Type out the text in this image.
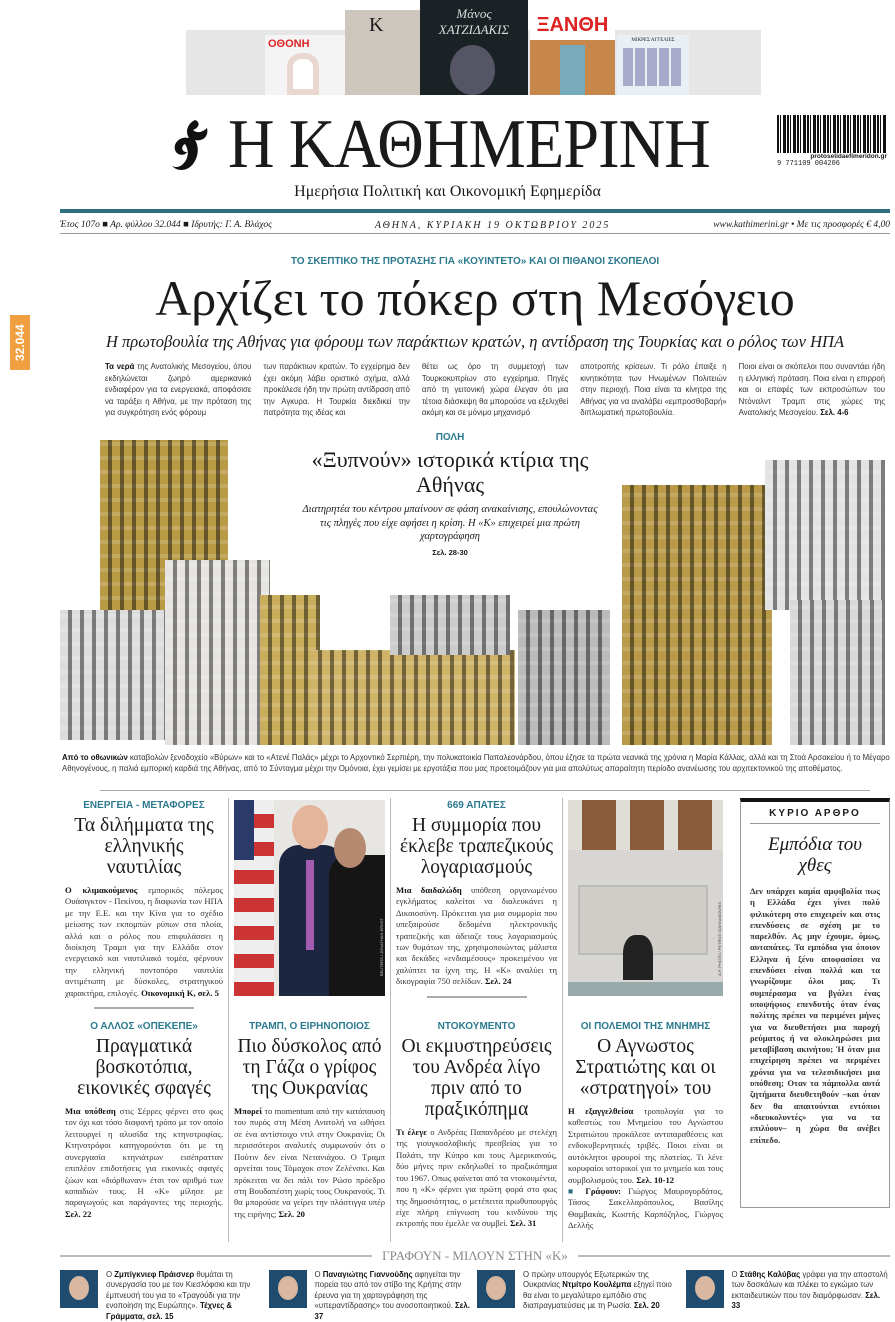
ΟΘΟΝΗ
Κ
Μάνος ΧΑΤΖΙΔΑΚΙΣ	ΞΑΝΘΗ
ΜΙΚΡΕΣ ΑΓΓΕΛΙΕΣ
Η ΚΑΘΗΜΕΡΙΝΗ	protoselidaefimeridon.gr
9 771109 004206
Ημερήσια Πολιτική και Οικονομική Εφημερίδα
Έτος 107ο ■ Αρ. φύλλου 32.044 ■ Ιδρυτής: Γ. Α. Βλάχος	ΑΘΗΝΑ, ΚΥΡΙΑΚΗ 19 ΟΚΤΩΒΡΙΟΥ 2025	www.kathimerini.gr • Με τις προσφορές € 4,00
32.044
ΤΟ ΣΚΕΠΤΙΚΟ ΤΗΣ ΠΡΟΤΑΣΗΣ ΓΙΑ «ΚΟΥΙΝΤΕΤΟ» ΚΑΙ ΟΙ ΠΙΘΑΝΟΙ ΣΚΟΠΕΛΟΙ
Αρχίζει το πόκερ στη Μεσόγειο
Η πρωτοβουλία της Αθήνας για φόρουμ των παράκτιων κρατών, η αντίδραση της Τουρκίας και ο ρόλος των ΗΠΑ

Τα νερά της Ανατολικής Μεσογείου, όπου εκδηλώνεται ζωηρό αμερικανικό ενδιαφέρον για τα ενεργειακά, αποφάσισε να ταράξει η Αθήνα, με την πρόταση της για συγκρότηση ενός φόρουμ

των παράκτιων κρατών. Το εγχείρημα δεν έχει ακόμη λάβει οριστικό σχήμα, αλλά προκάλεσε ήδη την πρώτη αντίδραση από την Αγκυρα. Η Τουρκία διεκδικεί την πατρότητα της ιδέας και

θέτει ως όρο τη συμμετοχή των Τουρκοκυπρίων στο εγχείρημα. Πηγές από τη γειτονική χώρα έλεγαν ότι μια τέτοια διάσκεψη θα μπορούσε να εξελιχθεί ακόμη και σε μόνιμο μηχανισμό

αποτροπής κρίσεων. Τι ρόλο έπαιξε η κινητικότητα των Ηνωμένων Πολιτειών στην περιοχή. Ποια είναι τα κίνητρα της Αθήνας για να αναλάβει «εμπροσθοβαρή» διπλωματική πρωτοβουλία.

Ποιοι είναι οι σκόπελοι που συναντάει ήδη η ελληνική πρόταση. Ποια είναι η επιρροή και οι επαφές των εκπροσώπων του Ντόναλντ Τραμπ στις χώρες της Ανατολικής Μεσογείου. Σελ. 4-6

ΠΟΛΗ
«Ξυπνούν» ιστορικά κτίρια της Αθήνας
Διατηρητέα του κέντρου μπαίνουν σε φάση ανακαίνισης, επουλώνοντας τις πληγές που είχε αφήσει η κρίση. Η «Κ» επιχειρεί μια πρώτη χαρτογράφηση
Σελ. 28-30
Από το οθωνικών καταβολών ξενοδοχείο «Βύρων» και το «Ατενέ Παλάς» μέχρι το Αρχοντικό Σερπιέρη, την πολυκατοικία Παπαλεονάρδου, όπου έζησε τα πρώτα νεανικά της χρόνια η Μαρία Κάλλας, αλλά και τη Στοά Αρσακείου ή το Μέγαρο Αθηνογένους, η παλιά εμπορική καρδιά της Αθήνας, από το Σύνταγμα μέχρι την Ομόνοια, έχει γεμίσει με εργοτάξια που μας προετοιμάζουν για μια απολύτως απαραίτητη περίοδο ανανέωσης του αρχιτεκτονικού της αποθέματος.
ΕΝΕΡΓΕΙΑ - ΜΕΤΑΦΟΡΕΣ
Τα διλήμματα της ελληνικής ναυτιλίας

Ο κλιμακούμενος εμπορικός πόλεμος Ουάσιγκτον - Πεκίνου, η διαφωνία των ΗΠΑ με την Ε.Ε. και την Κίνα για το σχέδιο μείωσης των εκπομπών ρύπων στα πλοία, αλλά και ο ρόλος που επιφυλάσσει η διοίκηση Τραμπ για την Ελλάδα στον ενεργειακό και ναυτιλιακό τομέα, φέρνουν την ελληνική ποντοπόρο ναυτιλία αντιμέτωπη με δύσκολες, στρατηγικού χαρακτήρα, επιλογές. Οικονομική Κ, σελ. 5

REUTERS / JONATHAN ERNST
669 ΑΠΑΤΕΣ
Η συμμορία που έκλεβε τραπεζικούς λογαριασμούς

Μια δαιδαλώδη υπόθεση οργανωμένου εγκλήματος καλείται να διαλευκάνει η Δικαιοσύνη. Πρόκειται για μια συμμορία που υπεξαιρούσε δεδομένα ηλεκτρονικής τραπεζικής και άδειαζε τους λογαριασμούς των θυμάτων της, χρησιμοποιώντας μάλιστα και δεκάδες «ενδιαμέσους» προκειμένου να χαλύπτει τα ίχνη της. Η «Κ» αναλύει τη δικογραφία 750 σελίδων. Σελ. 24

A.P. PHOTO / PETROS GIANNAKOURIS
Ο ΑΛΛΟΣ «ΟΠΕΚΕΠΕ»
Πραγματικά βοσκοτόπια, εικονικές σφαγές

Μια υπόθεση στις Σέρρες φέρνει στο φως τον όχι και τόσο διαφανή τρόπο με τον οποίο λειτουργεί η αλυσίδα της κτηνοτροφίας. Κτηνοτρόφοι κατηγορούνται ότι με τη συνεργασία κτηνιάτρων εισέπρατταν επιπλέον επιδοτήσεις για εικονικές σφαγές ζώων και «διόρθωναν» έτσι τον αριθμό των κοπαδιών τους. Η «Κ» μίλησε με παραγωγούς και παράγοντες της περιοχής. Σελ. 22

ΤΡΑΜΠ, Ο ΕΙΡΗΝΟΠΟΙΟΣ
Πιο δύσκολος από τη Γάζα ο γρίφος της Ουκρανίας

Μπορεί το momentum από την κατάπαυση του πυρός στη Μέση Ανατολή να ωθήσει σε ένα αντίστοιχο ντιλ στην Ουκρανία; Οι περισσότεροι αναλυτές συμφωνούν ότι ο Πούτιν δεν είναι Νετανιάχου. Ο Τραμπ αρνείται τους Τόμαχοκ στον Ζελένσκι. Και πρόκειται να δει πάλι τον Ρώσο πρόεδρο στη Βουδαπέστη χωρίς τους Ουκρανούς. Τι θα μπορούσε να γείρει την πλάστιγγα υπέρ της ειρήνης; Σελ. 20

ΝΤΟΚΟΥΜΕΝΤΟ
Οι εκμυστηρεύσεις του Ανδρέα λίγο πριν από το πραξικόπημα

Τι έλεγε ο Ανδρέας Παπανδρέου με στελέχη της γιουγκοσλαβικής πρεσβείας για το Παλάτι, την Κύπρο και τους Αμερικανούς, δύο μήνες πριν εκδηλωθεί το πραξικόπημα του 1967. Οπως φαίνεται από τα ντοκουμέντα, που η «Κ» φέρνει για πρώτη φορά στο φως της δημοσιότητας, ο μετέπειτα πρωθυπουργός είχε πλήρη επίγνωση του κινδύνου της εκτροπής που έμελλε να συμβεί. Σελ. 31

ΟΙ ΠΟΛΕΜΟΙ ΤΗΣ ΜΝΗΜΗΣ
Ο Αγνωστος Στρατιώτης και οι «στρατηγοί» του

Η εξαγγελθείσα τροπολογία για το καθεστώς του Μνημείου του Αγνώστου Στρατιώτου προκάλεσε αντιπαραθέσεις και ενδοκυβερνητικές τριβές. Ποιοι είναι οι αυτόκλητοι φρουροί της πλατείας. Τι λένε κορυφαίοι ιστορικοί για το μνημείο και τους συμβολισμούς του. Σελ. 10-12
■ Γράφουν: Γιώργος Μαυρογορδάτος, Τάσος Σακελλαρόπουλος, Βασίλης Θαμβακάς, Κωστής Καρπόζηλος, Γιώργος Δελλής

ΚΥΡΙΟ ΑΡΘΡΟ
Εμπόδια του χθες

Δεν υπάρχει καμία αμφιβολία πως η Ελλάδα έχει γίνει πολύ φιλικότερη στο επιχειρείν και στις επενδύσεις σε σχέση με το παρελθόν. Ας μην έχουμε, όμως, αυταπάτες. Τα εμπόδια για όποιον Ελληνα ή ξένο αποφασίσει να επενδύσει είναι πολλά και τα γνωρίζουμε όλοι μας. Τι συμπέρασμα να βγάλει ένας υποψήφιος επενδυτής όταν ένας πολίτης πρέπει να περιμένει μήνες για να διευθετήσει μια παροχή ρεύματος ή να ολοκληρώσει μια μεταβίβαση ακινήτου; Ή όταν μια επιχείρηση πρέπει να περιμένει χρόνια για να τελεσιδικήσει μια υπόθεση; Οταν τα πάμπολλα αυτά ζητήματα διευθετηθούν –και όταν δεν θα απαιτούνται εντόπιοι «διευκολυντές» για να τα επιλύουν– η χώρα θα ανέβει επίπεδο.

ΓΡΑΦΟΥΝ - ΜΙΛΟΥΝ ΣΤΗΝ «Κ»

Ο Ζμπίγκνιεφ Πράισνερ θυμάται τη συνεργασία του με τον Κιεσλόφσκι και την έμπνευσή του για το «Τραγούδι για την ενοποίηση της Ευρώπης». Τέχνες & Γράμματα, σελ. 15

Ο Παναγιώτης Γιαννούδης αφηγείται την πορεία του από τον στίβο της Κρήτης στην έρευνα για τη χαρτογράφηση της «υπεραντίδρασης» του ανοσοποιητικού. Σελ. 37

Ο πρώην υπουργός Εξωτερικών της Ουκρανίας Ντμίτρο Κουλέμπα εξηγεί ποιο θα είναι το μεγαλύτερο εμπόδιο στις διαπραγματεύσεις με τη Ρωσία. Σελ. 20

Ο Στάθης Καλύβας γράφει για την αποστολή των δασκάλων και πλέκει το εγκώμιο των εκπαιδευτικών που τον διαμόρφωσαν. Σελ. 33
